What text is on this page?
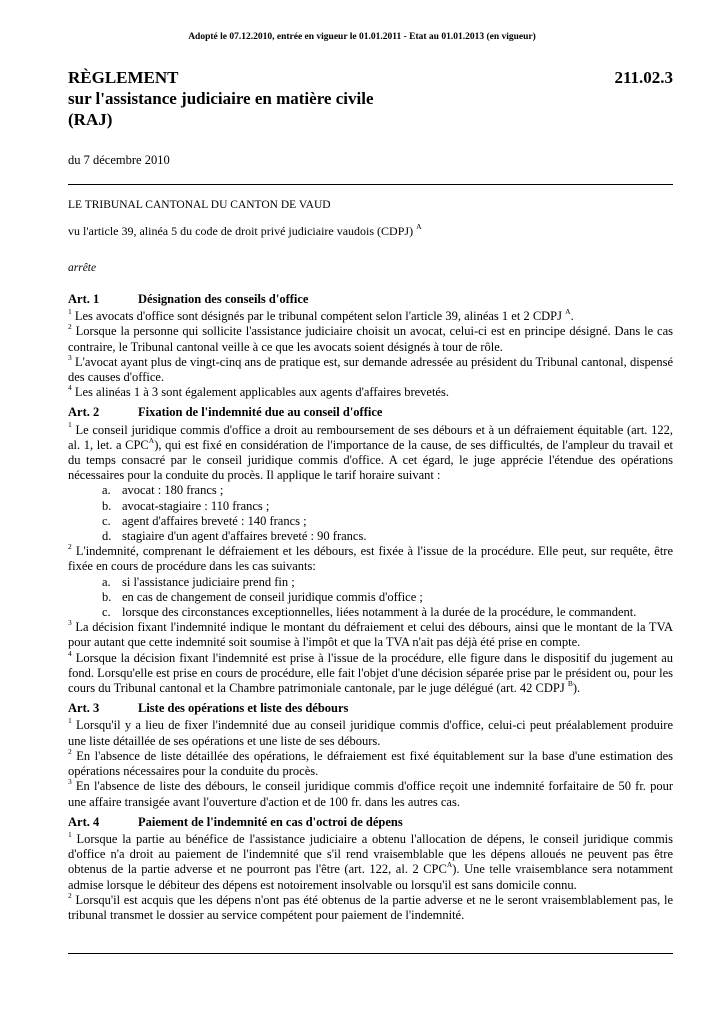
Adopté le 07.12.2010, entrée en vigueur le 01.01.2011 - Etat au 01.01.2013 (en vigueur)
RÈGLEMENT
sur l'assistance judiciaire en matière civile
(RAJ)
211.02.3
du 7 décembre 2010
LE TRIBUNAL CANTONAL DU CANTON DE VAUD
vu l'article 39, alinéa 5 du code de droit privé judiciaire vaudois (CDPJ) $^A$
arrête
Art. 1	Désignation des conseils d'office

$^1$ Les avocats d'office sont désignés par le tribunal compétent selon l'article 39, alinéas 1 et 2 CDPJ $^A$.

$^2$ Lorsque la personne qui sollicite l'assistance judiciaire choisit un avocat, celui-ci est en principe désigné. Dans le cas contraire, le Tribunal cantonal veille à ce que les avocats soient désignés à tour de rôle.

$^3$ L'avocat ayant plus de vingt-cinq ans de pratique est, sur demande adressée au président du Tribunal cantonal, dispensé des causes d'office.

$^4$ Les alinéas 1 à 3 sont également applicables aux agents d'affaires brevetés.

Art. 2	Fixation de l'indemnité due au conseil d'office

$^1$ Le conseil juridique commis d'office a droit au remboursement de ses débours et à un défraiement équitable (art. 122, al. 1, let. a $CPC^A$), qui est fixé en considération de l'importance de la cause, de ses difficultés, de l'ampleur du travail et du temps consacré par le conseil juridique commis d'office. A cet égard, le juge apprécie l'étendue des opérations nécessaires pour la conduite du procès. Il applique le tarif horaire suivant :

a. avocat : 180 francs ;
b. avocat-stagiaire : 110 francs ;
c. agent d'affaires breveté : 140 francs ;
d. stagiaire d'un agent d'affaires breveté : 90 francs.

$^2$ L'indemnité, comprenant le défraiement et les débours, est fixée à l'issue de la procédure. Elle peut, sur requête, être fixée en cours de procédure dans les cas suivants:

a. si l'assistance judiciaire prend fin ;
b. en cas de changement de conseil juridique commis d'office ;
c. lorsque des circonstances exceptionnelles, liées notamment à la durée de la procédure, le commandent.

$^3$ La décision fixant l'indemnité indique le montant du défraiement et celui des débours, ainsi que le montant de la TVA pour autant que cette indemnité soit soumise à l'impôt et que la TVA n'ait pas déjà été prise en compte.

$^4$ Lorsque la décision fixant l'indemnité est prise à l'issue de la procédure, elle figure dans le dispositif du jugement au fond. Lorsqu'elle est prise en cours de procédure, elle fait l'objet d'une décision séparée prise par le président ou, pour les cours du Tribunal cantonal et la Chambre patrimoniale cantonale, par le juge délégué (art. 42 CDPJ $^B$).

Art. 3	Liste des opérations et liste des débours

$^1$ Lorsqu'il y a lieu de fixer l'indemnité due au conseil juridique commis d'office, celui-ci peut préalablement produire une liste détaillée de ses opérations et une liste de ses débours.

$^2$ En l'absence de liste détaillée des opérations, le défraiement est fixé équitablement sur la base d'une estimation des opérations nécessaires pour la conduite du procès.

$^3$ En l'absence de liste des débours, le conseil juridique commis d'office reçoit une indemnité forfaitaire de 50 fr. pour une affaire transigée avant l'ouverture d'action et de 100 fr. dans les autres cas.

Art. 4	Paiement de l'indemnité en cas d'octroi de dépens

$^1$ Lorsque la partie au bénéfice de l'assistance judiciaire a obtenu l'allocation de dépens, le conseil juridique commis d'office n'a droit au paiement de l'indemnité que s'il rend vraisemblable que les dépens alloués ne peuvent pas être obtenus de la partie adverse et ne pourront pas l'être (art. 122, al. 2 $CPC^A$). Une telle vraisemblance sera notamment admise lorsque le débiteur des dépens est notoirement insolvable ou lorsqu'il est sans domicile connu.

$^2$ Lorsqu'il est acquis que les dépens n'ont pas été obtenus de la partie adverse et ne le seront vraisemblablement pas, le tribunal transmet le dossier au service compétent pour paiement de l'indemnité.
